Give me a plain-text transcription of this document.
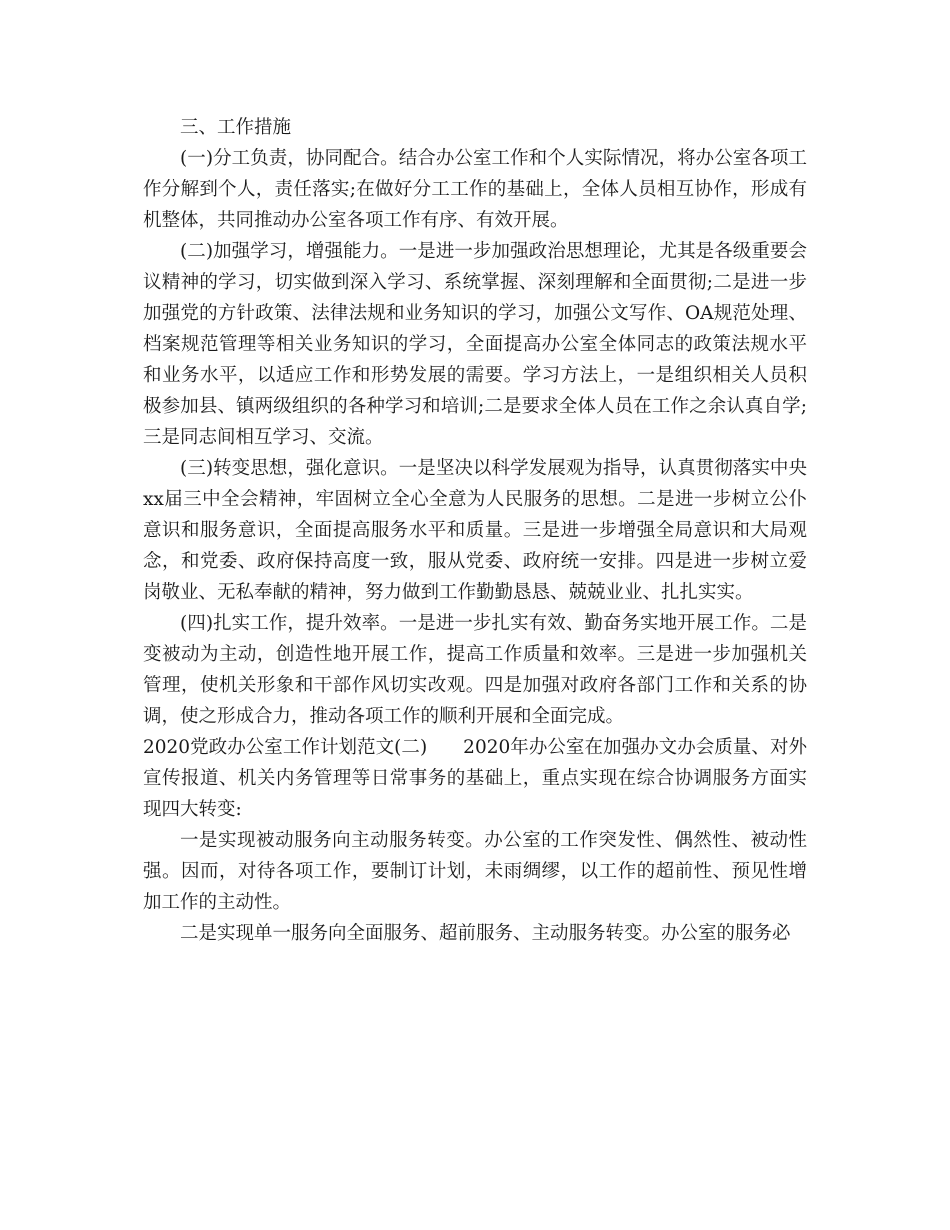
三、工作措施

(一)分工负责，协同配合。结合办公室工作和个人实际情况，将办公室各项工作分解到个人，责任落实;在做好分工工作的基础上，全体人员相互协作，形成有机整体，共同推动办公室各项工作有序、有效开展。

(二)加强学习，增强能力。一是进一步加强政治思想理论，尤其是各级重要会议精神的学习，切实做到深入学习、系统掌握、深刻理解和全面贯彻;二是进一步加强党的方针政策、法律法规和业务知识的学习，加强公文写作、OA规范处理、档案规范管理等相关业务知识的学习，全面提高办公室全体同志的政策法规水平和业务水平，以适应工作和形势发展的需要。学习方法上，一是组织相关人员积极参加县、镇两级组织的各种学习和培训;二是要求全体人员在工作之余认真自学;三是同志间相互学习、交流。

(三)转变思想，强化意识。一是坚决以科学发展观为指导，认真贯彻落实中央xx届三中全会精神，牢固树立全心全意为人民服务的思想。二是进一步树立公仆意识和服务意识，全面提高服务水平和质量。三是进一步增强全局意识和大局观念，和党委、政府保持高度一致，服从党委、政府统一安排。四是进一步树立爱岗敬业、无私奉献的精神，努力做到工作勤勤恳恳、兢兢业业、扎扎实实。

(四)扎实工作，提升效率。一是进一步扎实有效、勤奋务实地开展工作。二是变被动为主动，创造性地开展工作，提高工作质量和效率。三是进一步加强机关管理，使机关形象和干部作风切实改观。四是加强对政府各部门工作和关系的协调，使之形成合力，推动各项工作的顺利开展和全面完成。

2020党政办公室工作计划范文(二) 2020年办公室在加强办文办会质量、对外宣传报道、机关内务管理等日常事务的基础上，重点实现在综合协调服务方面实现四大转变:

一是实现被动服务向主动服务转变。办公室的工作突发性、偶然性、被动性强。因而，对待各项工作，要制订计划，未雨绸缪，以工作的超前性、预见性增加工作的主动性。

二是实现单一服务向全面服务、超前服务、主动服务转变。办公室的服务必
